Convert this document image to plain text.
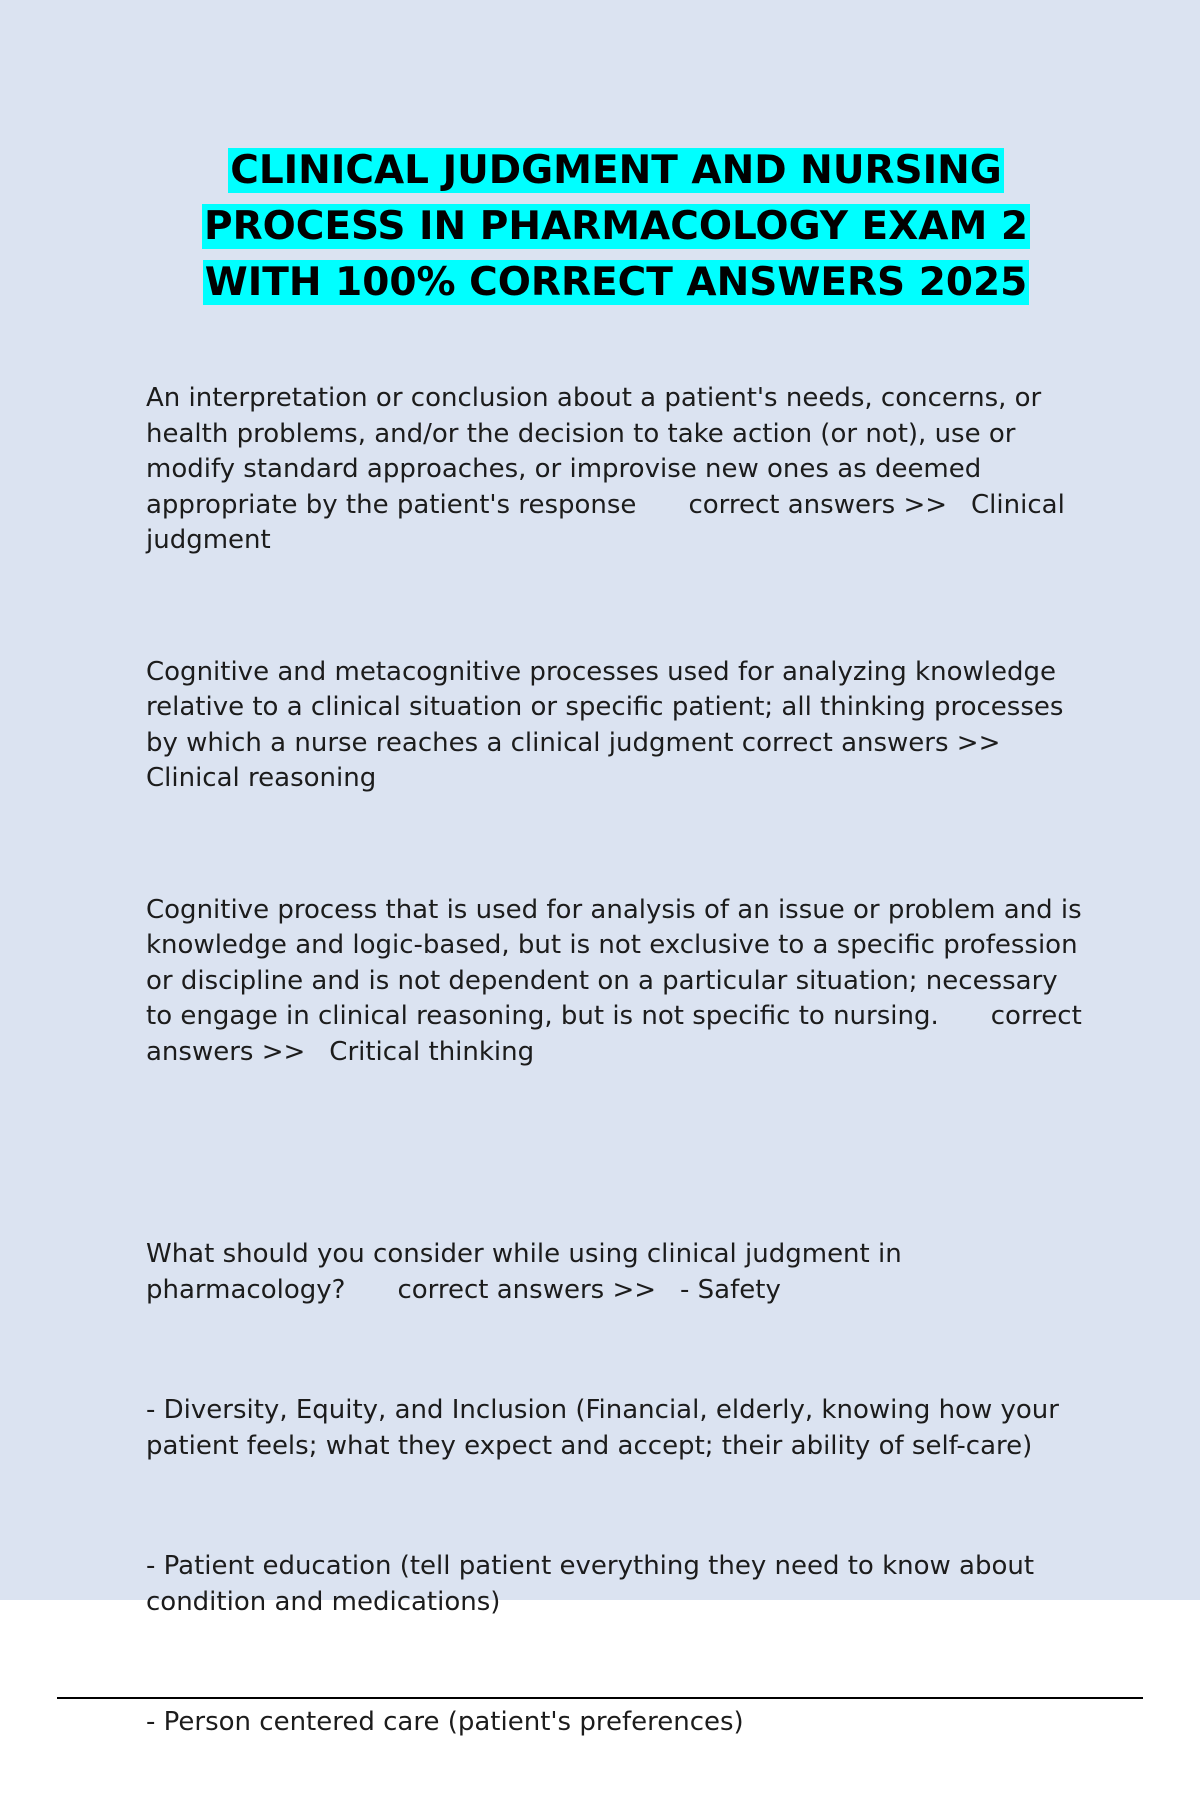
CLINICAL JUDGMENT AND NURSING PROCESS IN PHARMACOLOGY EXAM 2 WITH 100% CORRECT ANSWERS 2025
An interpretation or conclusion about a patient's needs, concerns, or health problems, and/or the decision to take action (or not), use or modify standard approaches, or improvise new ones as deemed appropriate by the patient's response correct answers >> Clinical judgment
Cognitive and metacognitive processes used for analyzing knowledge relative to a clinical situation or specific patient; all thinking processes by which a nurse reaches a clinical judgment correct answers >>Clinical reasoning
Cognitive process that is used for analysis of an issue or problem and is knowledge and logic-based, but is not exclusive to a specific profession or discipline and is not dependent on a particular situation; necessary to engage in clinical reasoning, but is not specific to nursing. correct answers >> Critical thinking

What should you consider while using clinical judgment in pharmacology? correct answers >> - Safety

- Diversity, Equity, and Inclusion (Financial, elderly, knowing how your patient feels; what they expect and accept; their ability of self-care)

- Patient education (tell patient everything they need to know about condition and medications)

- Person centered care (patient's preferences)
